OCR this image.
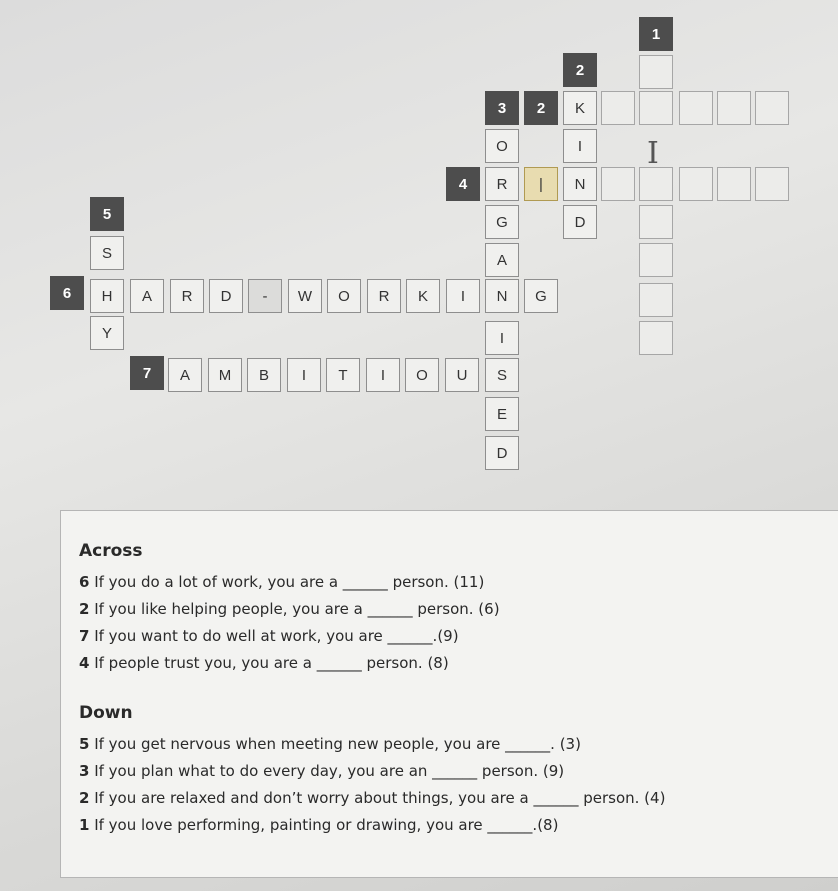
1
2
3	2
4
5
6
7
K
O	I
R	|	N
G	D
S	A
H	A	R	D	-	W	O	R	K	I	N	G
Y	I
A	M	B	I	T	I	O	U	S
E
D
I
Across
6 If you do a lot of work, you are a ______ person. (11)
2 If you like helping people, you are a ______ person. (6)
7 If you want to do well at work, you are ______.(9)
4 If people trust you, you are a ______ person. (8)
Down
5 If you get nervous when meeting new people, you are ______. (3)
3 If you plan what to do every day, you are an ______ person. (9)
2 If you are relaxed and don’t worry about things, you are a ______ person. (4)
1 If you love performing, painting or drawing, you are ______.(8)
